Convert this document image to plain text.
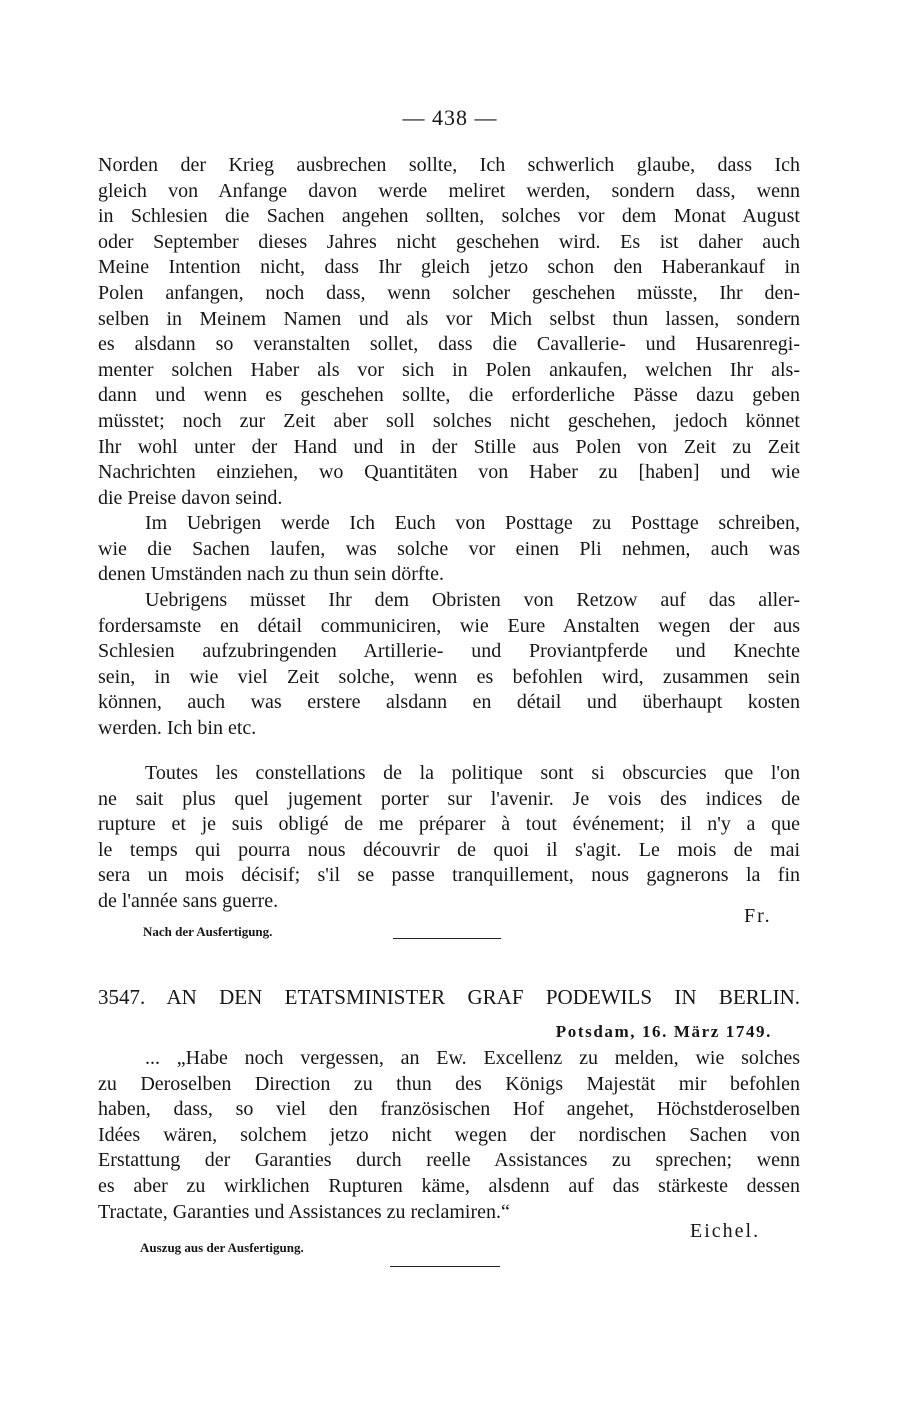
— 438 —
Norden der Krieg ausbrechen sollte, Ich schwerlich glaube, dass Ich
gleich von Anfange davon werde meliret werden, sondern dass, wenn
in Schlesien die Sachen angehen sollten, solches vor dem Monat August
oder September dieses Jahres nicht geschehen wird. Es ist daher auch
Meine Intention nicht, dass Ihr gleich jetzo schon den Haberankauf in
Polen anfangen, noch dass, wenn solcher geschehen müsste, Ihr den-
selben in Meinem Namen und als vor Mich selbst thun lassen, sondern
es alsdann so veranstalten sollet, dass die Cavallerie- und Husarenregi-
menter solchen Haber als vor sich in Polen ankaufen, welchen Ihr als-
dann und wenn es geschehen sollte, die erforderliche Pässe dazu geben
müsstet; noch zur Zeit aber soll solches nicht geschehen, jedoch könnet
Ihr wohl unter der Hand und in der Stille aus Polen von Zeit zu Zeit
Nachrichten einziehen, wo Quantitäten von Haber zu [haben] und wie
die Preise davon seind.
Im Uebrigen werde Ich Euch von Posttage zu Posttage schreiben,
wie die Sachen laufen, was solche vor einen Pli nehmen, auch was
denen Umständen nach zu thun sein dörfte.
Uebrigens müsset Ihr dem Obristen von Retzow auf das aller-
fordersamste en détail communiciren, wie Eure Anstalten wegen der aus
Schlesien aufzubringenden Artillerie- und Proviantpferde und Knechte
sein, in wie viel Zeit solche, wenn es befohlen wird, zusammen sein
können, auch was erstere alsdann en détail und überhaupt kosten
werden. Ich bin etc.
Toutes les constellations de la politique sont si obscurcies que l'on
ne sait plus quel jugement porter sur l'avenir. Je vois des indices de
rupture et je suis obligé de me préparer à tout événement; il n'y a que
le temps qui pourra nous découvrir de quoi il s'agit. Le mois de mai
sera un mois décisif; s'il se passe tranquillement, nous gagnerons la fin
de l'année sans guerre.
Fr.
Nach der Ausfertigung.
3547. AN DEN ETATSMINISTER GRAF PODEWILS IN BERLIN.
Potsdam, 16. März 1749.
... „Habe noch vergessen, an Ew. Excellenz zu melden, wie solches
zu Deroselben Direction zu thun des Königs Majestät mir befohlen
haben, dass, so viel den französischen Hof angehet, Höchstderoselben
Idées wären, solchem jetzo nicht wegen der nordischen Sachen von
Erstattung der Garanties durch reelle Assistances zu sprechen; wenn
es aber zu wirklichen Rupturen käme, alsdenn auf das stärkeste dessen
Tractate, Garanties und Assistances zu reclamiren.“
Eichel.
Auszug aus der Ausfertigung.
